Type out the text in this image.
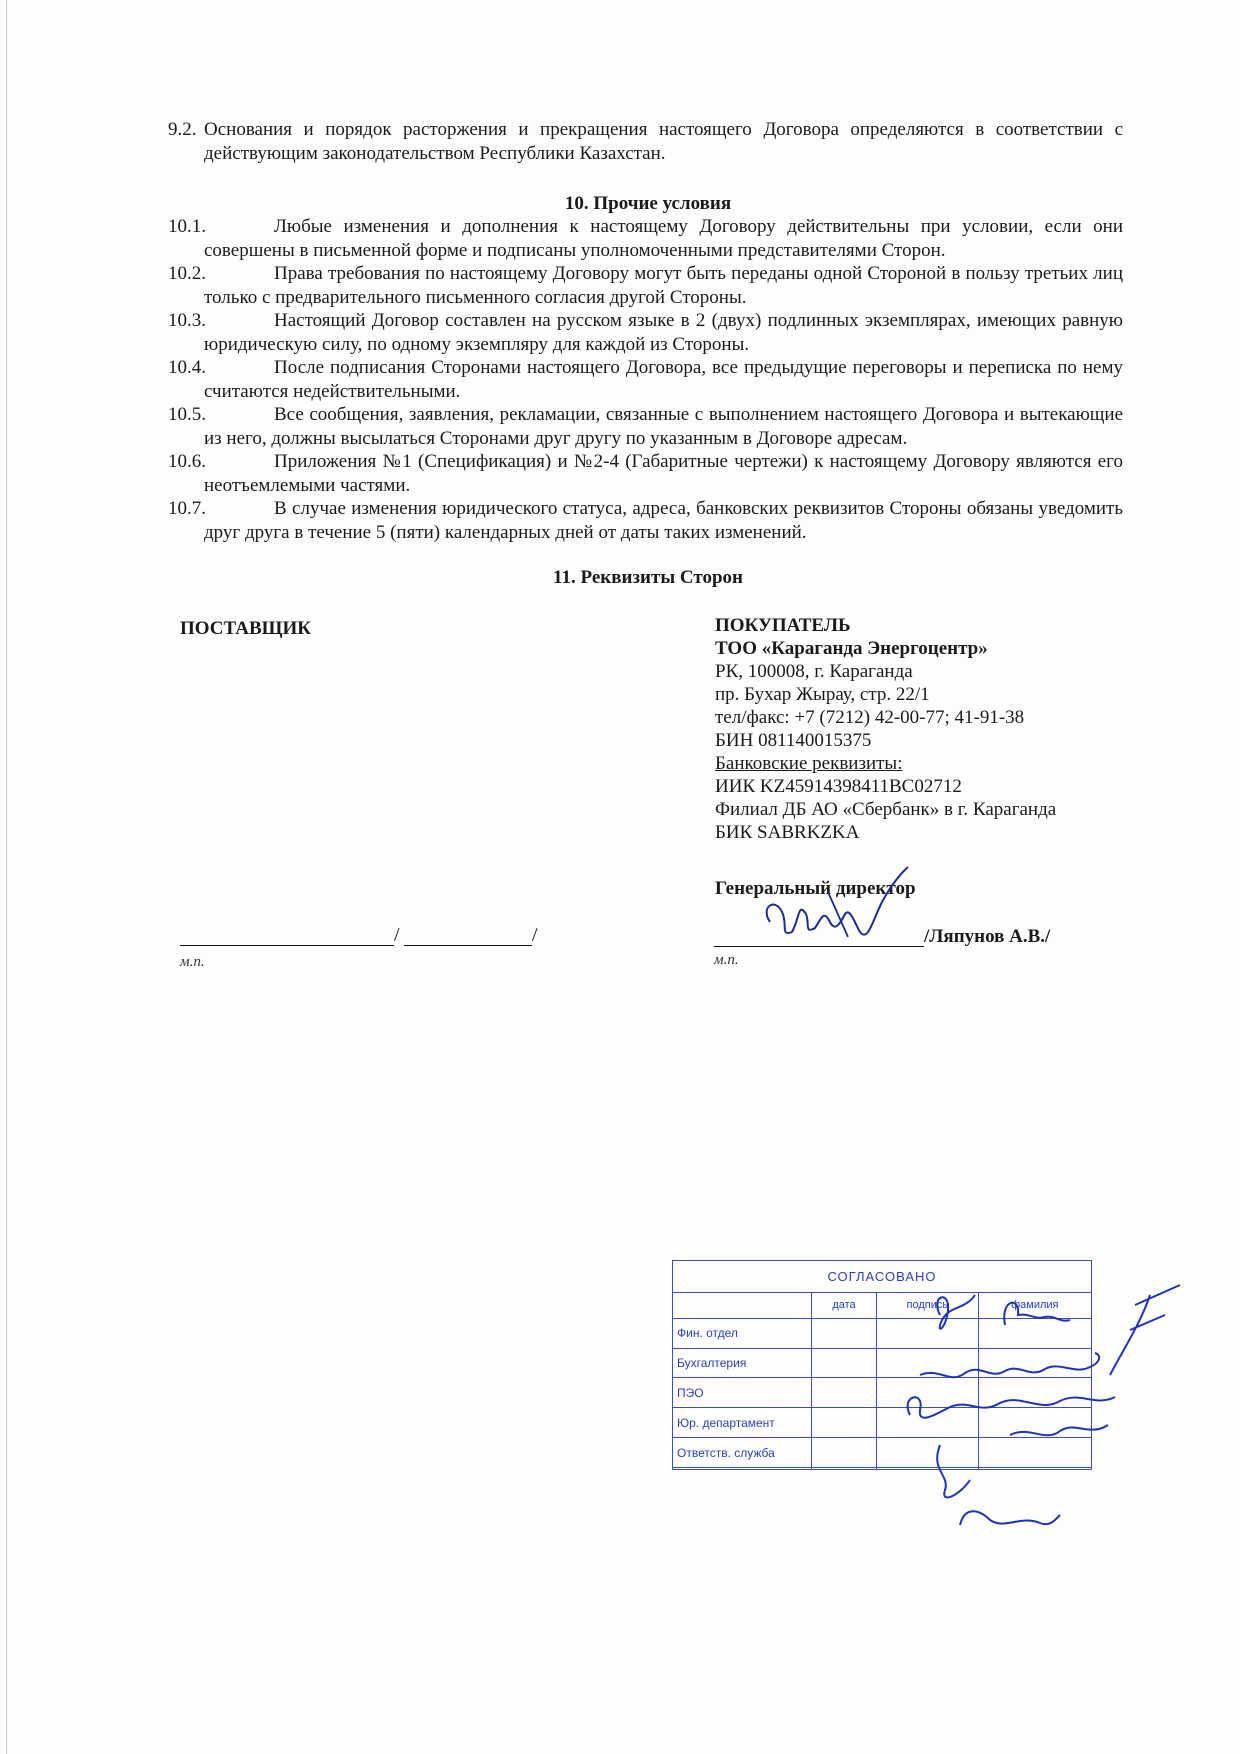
9.2. Основания и порядок расторжения и прекращения настоящего Договора определяются в соответствии с действующим законодательством Республики Казахстан.
10. Прочие условия
10.1.	Любые изменения и дополнения к настоящему Договору действительны при условии, если они совершены в письменной форме и подписаны уполномоченными представителями Сторон.
10.2.	Права требования по настоящему Договору могут быть переданы одной Стороной в пользу третьих лиц только с предварительного письменного согласия другой Стороны.
10.3.	Настоящий Договор составлен на русском языке в 2 (двух) подлинных экземплярах, имеющих равную юридическую силу, по одному экземпляру для каждой из Стороны.
10.4.	После подписания Сторонами настоящего Договора, все предыдущие переговоры и переписка по нему считаются недействительными.
10.5.	Все сообщения, заявления, рекламации, связанные с выполнением настоящего Договора и вытекающие из него, должны высылаться Сторонами друг другу по указанным в Договоре адресам.
10.6.	Приложения №1 (Спецификация) и №2-4 (Габаритные чертежи) к настоящему Договору являются его неотъемлемыми частями.
10.7.	В случае изменения юридического статуса, адреса, банковских реквизитов Стороны обязаны уведомить друг друга в течение 5 (пяти) календарных дней от даты таких изменений.
11. Реквизиты Сторон
ПОСТАВЩИК
/	/
м.п.
ПОКУПАТЕЛЬ
ТОО «Караганда Энергоцентр»
РК, 100008, г. Караганда
пр. Бухар Жырау, стр. 22/1
тел/факс: +7 (7212) 42-00-77; 41-91-38
БИН 081140015375
Банковские реквизиты:
ИИК KZ45914398411BC02712
Филиал ДБ АО «Сбербанк» в г. Караганда
БИК SABRKZKA
Генеральный директор
/Ляпунов А.В./
м.п.
СОГЛАСОВАНО			
	дата	подпись	фамилия
Фин. отдел			
Бухгалтерия			
ПЭО			
Юр. департамент			
Ответств. служба			
